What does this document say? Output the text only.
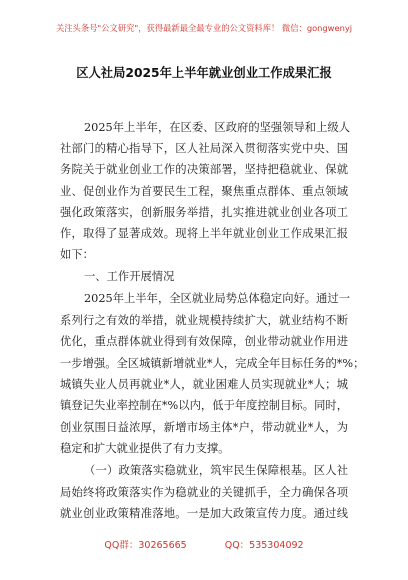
关注头条号"公文研究"，获得最新最全最专业的公文资料库！ 微信：gongwenyj
区人社局2025年上半年就业创业工作成果汇报
2025年上半年，在区委、区政府的坚强领导和上级人
社部门的精心指导下，区人社局深入贯彻落实党中央、国
务院关于就业创业工作的决策部署，坚持把稳就业、保就
业、促创业作为首要民生工程，聚焦重点群体、重点领域
强化政策落实，创新服务举措，扎实推进就业创业各项工
作，取得了显著成效。现将上半年就业创业工作成果汇报
如下：
一、工作开展情况
2025年上半年，全区就业局势总体稳定向好。通过一
系列行之有效的举措，就业规模持续扩大，就业结构不断
优化，重点群体就业得到有效保障，创业带动就业作用进
一步增强。全区城镇新增就业*人，完成全年目标任务的*%；
城镇失业人员再就业*人，就业困难人员实现就业*人；城
镇登记失业率控制在*%以内，低于年度控制目标。同时，
创业氛围日益浓厚，新增市场主体*户，带动就业*人，为
稳定和扩大就业提供了有力支撑。
（一）政策落实稳就业，筑牢民生保障根基。区人社
局始终将政策落实作为稳就业的关键抓手，全力确保各项
就业创业政策精准落地。一是加大政策宣传力度。通过线
QQ群：30265665	QQ：535304092
